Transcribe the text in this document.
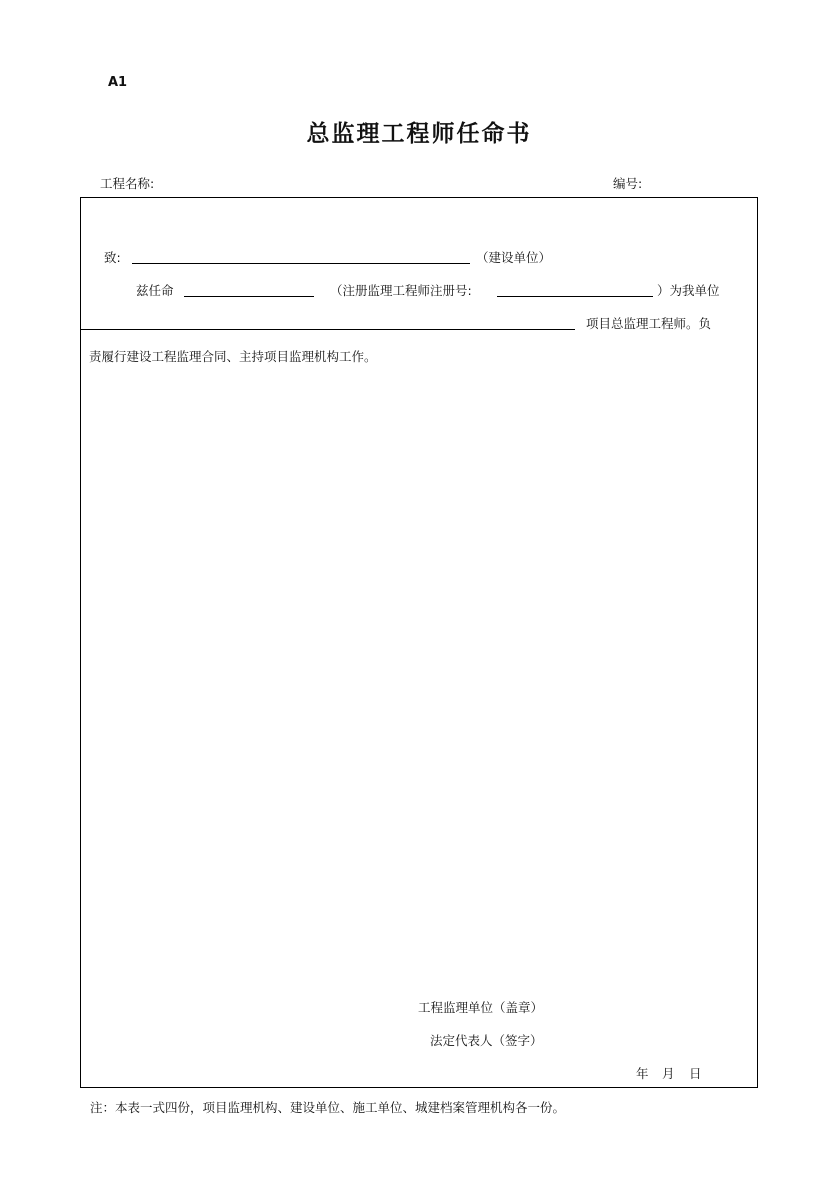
A1
总监理工程师任命书
工程名称:	编号:
致:	（建设单位）
兹任命	（注册监理工程师注册号:	）为我单位
项目总监理工程师。负
责履行建设工程监理合同、主持项目监理机构工作。
工程监理单位（盖章）
法定代表人（签字）
年 月 日
注：本表一式四份，项目监理机构、建设单位、施工单位、城建档案管理机构各一份。
